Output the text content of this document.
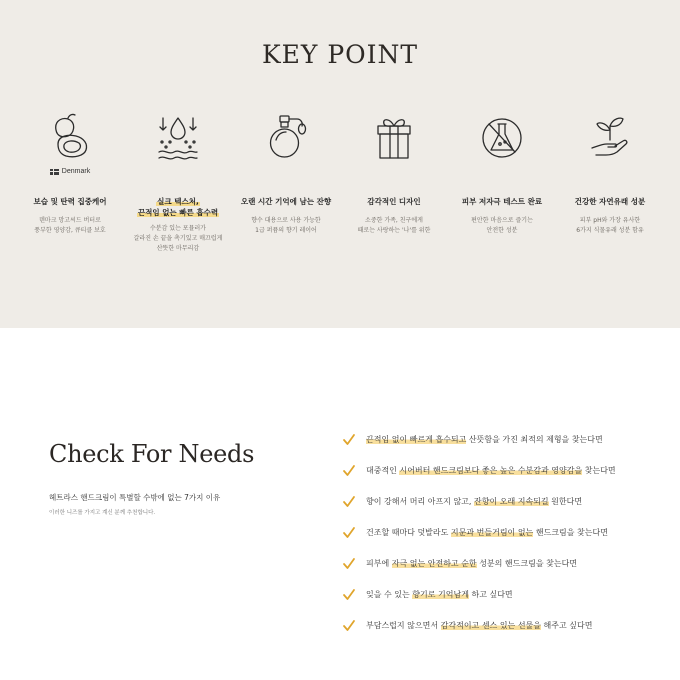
KEY POINT
Denmark
보습 및 탄력 집중케어
덴마크 망고씨드 버터로
풍부한 영양감, 큐티클 보호
실크 텍스처,
끈적임 없는 빠른 흡수력
수분감 있는 포뮬러가
갈라진 손 끝을 촉기있고 매끄럽게
산뜻한 마무리감
오랜 시간 기억에 남는 잔향
향수 대용으로 사용 가능한
1급 퍼퓸의 향기 레이어
감각적인 디자인
소중한 가족, 친구에게
때로는 사랑하는 '나'를 위한
피부 저자극 테스트 완료
편안한 마음으로 즐기는
안전한 성분
건강한 자연유래 성분
피부 pH와 가장 유사한
6가지 식물유래 성분 함유
Check For Needs
헤트라스 핸드크림이 특별할 수밖에 없는 7가지 이유
이러한 니즈를 가지고 계신 분께 추천합니다.
끈적임 없이 빠르게 흡수되고 산뜻함을 가진 최적의 제형을 찾는다면
대중적인 시어버터 핸드크림보다 좋은 높은 수분감과 영양감을 찾는다면
향이 강해서 머리 아프지 않고, 잔향이 오래 지속되길 원한다면
건조할 때마다 덧발라도 지문과 번들거림이 없는 핸드크림을 찾는다면
피부에 자극 없는 안전하고 순한 성분의 핸드크림을 찾는다면
잊을 수 있는 향기로 기억남게 하고 싶다면
부담스럽지 않으면서 감각적이고 센스 있는 선물을 해주고 싶다면
